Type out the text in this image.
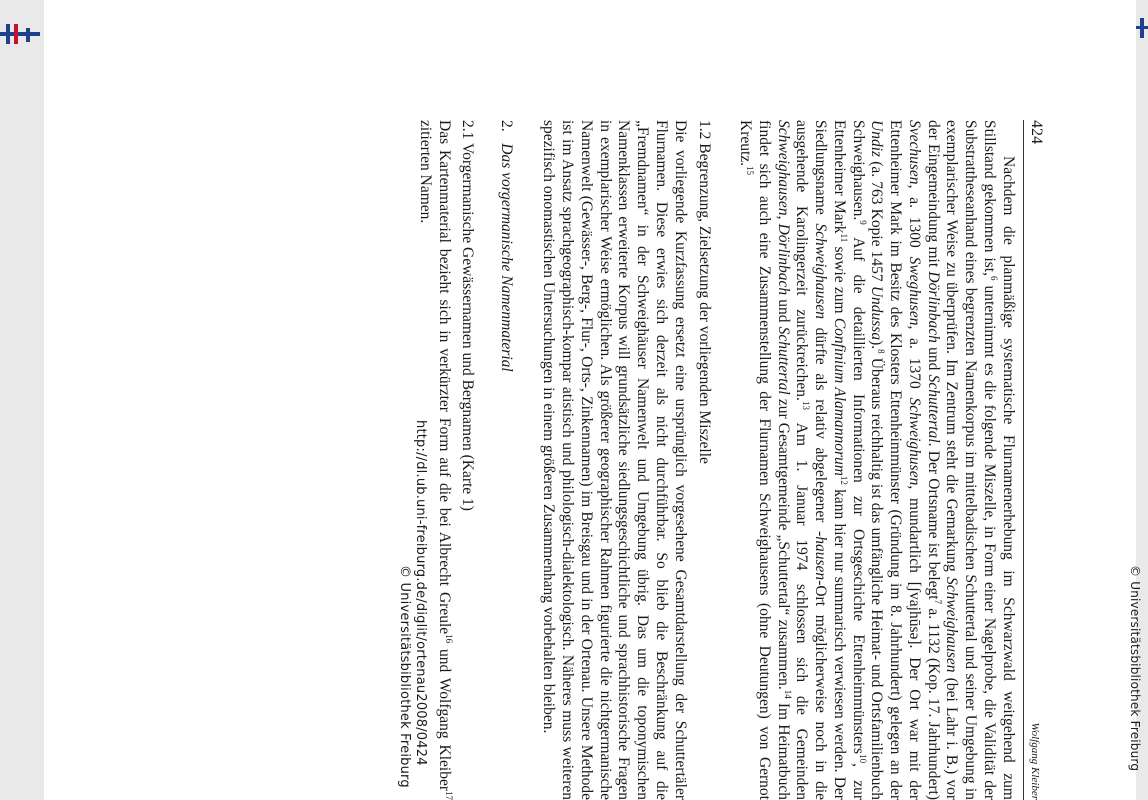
http://dl.ub.uni-freiburg.de/diglit/ortenau2008/0424
© Universitätsbibliothek Freiburg	© Universitätsbibliothek Freiburg
424
Wolfgang Kleiber

Nachdem die planmäßige systematische Flurnamenerhebung im Schwarzwald weitgehend zum Stillstand gekommen ist,$^6$ unternimmt es die folgende Miszelle, in Form einer Nagelprobe, die Validität der Substrattheseanhand eines begrenzten Namenkorpus im mittelbadischen Schuttertal und seiner Umgebung in exemplarischer Weise zu überprüfen. Im Zentrum steht die Gemarkung Schweighausen (bei Lahr i. B.) vor der Eingemeindung mit Dörlinbach und Schuttertal. Der Ortsname ist belegt$^7$ a. 1132 (Kop. 17. Jahrhundert) Svechusen, a. 1300 Sweghusen, a. 1370 Schweighusen, mundartlich [ʃvajhūsə]. Der Ort war mit der Ettenheimer Mark im Besitz des Klosters Ettenheimmünster (Gründung im 8. Jahrhundert) gelegen an der Undiz (a. 763 Kopie 1457 Undussa).$^8$ Überaus reichhaltig ist das umfängliche Heimat- und Ortsfamilienbuch Schweighausen.$^9$ Auf die detaillierten Informationen zur Ortsgeschichte Ettenheimmünsters$^{10}$, zur Ettenheimer Mark$^{11}$ sowie zum Confinium Alamannorum$^{12}$ kann hier nur summarisch verwiesen werden. Der Siedlungsname Schweighausen dürfte als relativ abgelegener -hausen-Ort möglicherweise noch in die ausgehende Karolingerzeit zurückreichen.$^{13}$ Am 1. Januar 1974 schlossen sich die Gemeinden Schweighausen, Dörlinbach und Schuttertal zur Gesamtgemeinde „Schuttertal“ zusammen.$^{14}$ Im Heimatbuch findet sich auch eine Zusammenstellung der Flurnamen Schweighausens (ohne Deutungen) von Gernot Kreutz.$^{15}$

1.2 Begrenzung, Zielsetzung der vorliegenden Miszelle

Die vorliegende Kurzfassung ersetzt eine ursprünglich vorgesehene Gesamtdarstellung der Schuttertäler Flurnamen. Diese erwies sich derzeit als nicht durchführbar. So blieb die Beschränkung auf die „Fremdnamen“ in der Schweighäuser Namenwelt und Umgebung übrig. Das um die toponymischen Namenklassen erweiterte Korpus will grundsätzliche siedlungsgeschichtliche und sprachhistorische Fragen in exemplarischer Weise ermöglichen. Als größerer geographischer Rahmen figurierte die nichtgermanische Namenwelt (Gewässer-, Berg-, Flur-, Orts-, Zinkennamen) im Breisgau und in der Ortenau. Unsere Methode ist im Ansatz sprachgeographisch-kompar atistisch und philologisch-dialektologisch. Näheres muss weiteren spezifisch onomastischen Untersuchungen in einem größeren Zusammenhang vorbehalten bleiben.

2.   Das vorgermanische Namenmaterial

2.1 Vorgermanische Gewässernamen und Bergnamen (Karte 1)

Das Kartenmaterial bezieht sich in verkürzter Form auf die bei Albrecht Greule$^{16}$ und Wolfgang Kleiber$^{17}$ zitierten Namen.
